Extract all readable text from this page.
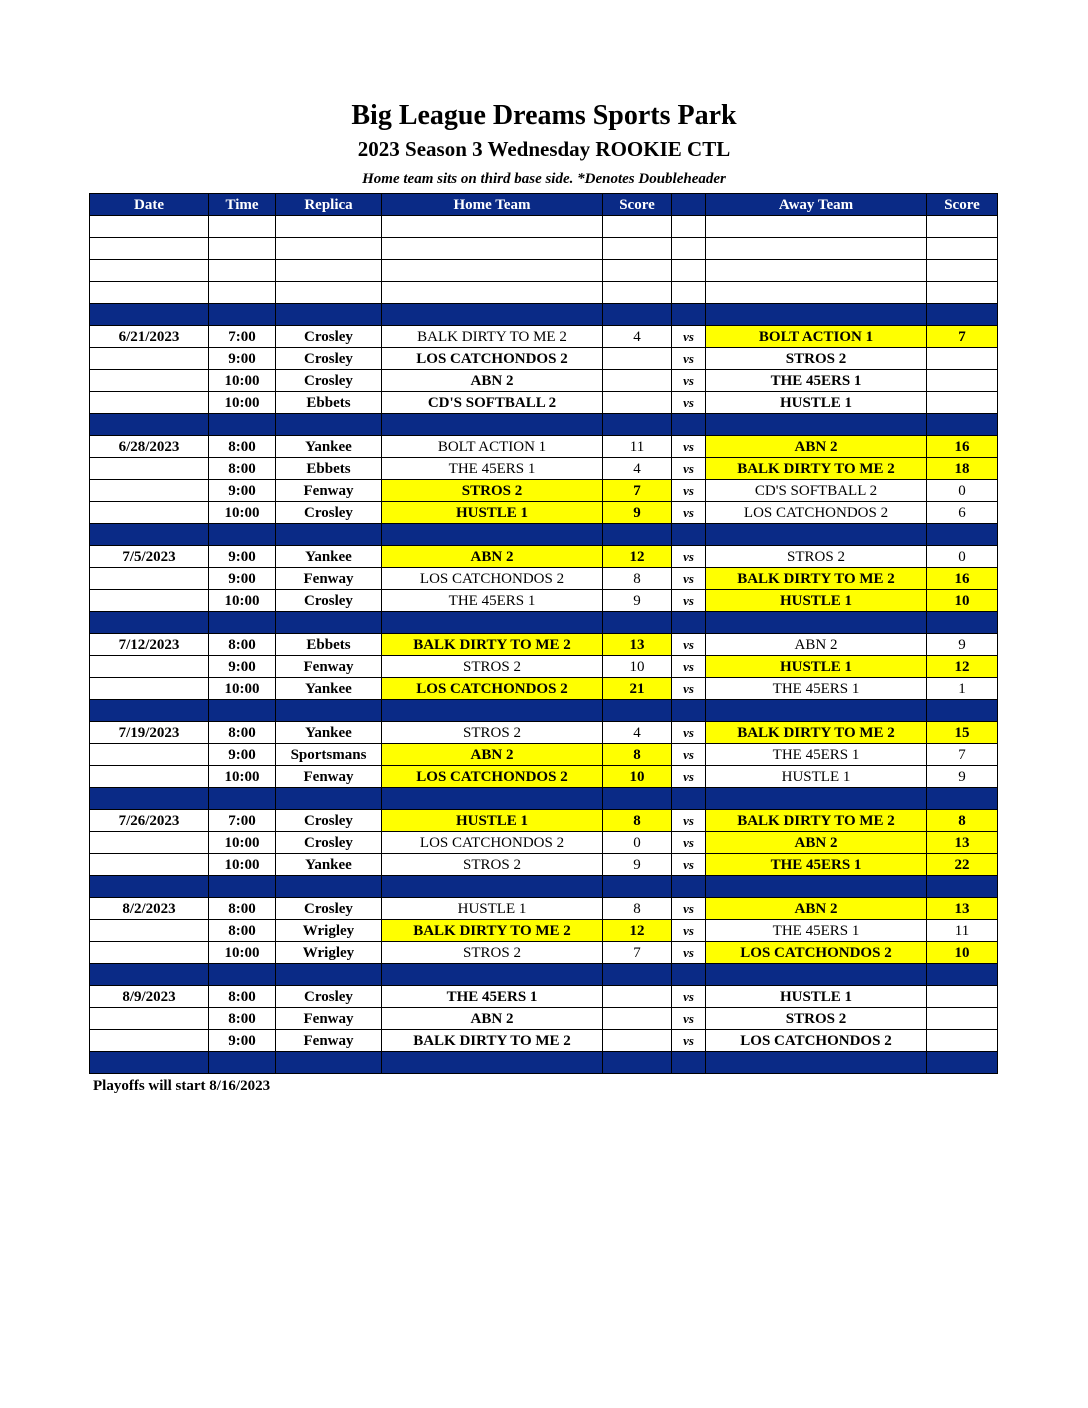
Big League Dreams Sports Park
2023 Season 3 Wednesday ROOKIE CTL
Home team sits on third base side. *Denotes Doubleheader
Date	Time	Replica	Home Team	Score		Away Team	Score

6/21/2023	7:00	Crosley	BALK DIRTY TO ME 2	4	vs	BOLT ACTION 1	7
	9:00	Crosley	LOS CATCHONDOS 2		vs	STROS 2	
	10:00	Crosley	ABN 2		vs	THE 45ERS 1	
	10:00	Ebbets	CD'S SOFTBALL 2		vs	HUSTLE 1	

6/28/2023	8:00	Yankee	BOLT ACTION 1	11	vs	ABN 2	16
	8:00	Ebbets	THE 45ERS 1	4	vs	BALK DIRTY TO ME 2	18
	9:00	Fenway	STROS 2	7	vs	CD'S SOFTBALL 2	0
	10:00	Crosley	HUSTLE 1	9	vs	LOS CATCHONDOS 2	6

7/5/2023	9:00	Yankee	ABN 2	12	vs	STROS 2	0
	9:00	Fenway	LOS CATCHONDOS 2	8	vs	BALK DIRTY TO ME 2	16
	10:00	Crosley	THE 45ERS 1	9	vs	HUSTLE 1	10

7/12/2023	8:00	Ebbets	BALK DIRTY TO ME 2	13	vs	ABN 2	9
	9:00	Fenway	STROS 2	10	vs	HUSTLE 1	12
	10:00	Yankee	LOS CATCHONDOS 2	21	vs	THE 45ERS 1	1

7/19/2023	8:00	Yankee	STROS 2	4	vs	BALK DIRTY TO ME 2	15
	9:00	Sportsmans	ABN 2	8	vs	THE 45ERS 1	7
	10:00	Fenway	LOS CATCHONDOS 2	10	vs	HUSTLE 1	9

7/26/2023	7:00	Crosley	HUSTLE 1	8	vs	BALK DIRTY TO ME 2	8
	10:00	Crosley	LOS CATCHONDOS 2	0	vs	ABN 2	13
	10:00	Yankee	STROS 2	9	vs	THE 45ERS 1	22

8/2/2023	8:00	Crosley	HUSTLE 1	8	vs	ABN 2	13
	8:00	Wrigley	BALK DIRTY TO ME 2	12	vs	THE 45ERS 1	11
	10:00	Wrigley	STROS 2	7	vs	LOS CATCHONDOS 2	10

8/9/2023	8:00	Crosley	THE 45ERS 1		vs	HUSTLE 1	
	8:00	Fenway	ABN 2		vs	STROS 2	
	9:00	Fenway	BALK DIRTY TO ME 2		vs	LOS CATCHONDOS 2	

Playoffs will start 8/16/2023
